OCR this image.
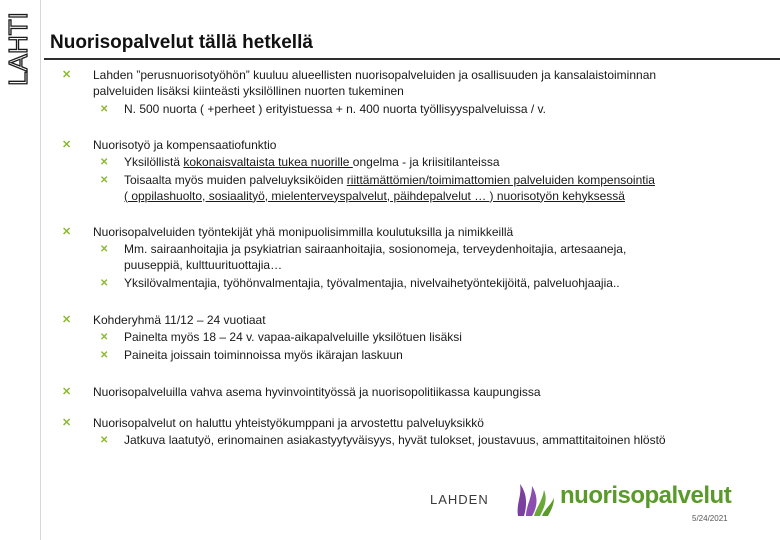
LAHTI Nuorisopalvelut tällä hetkellä
✕ Lahden ”perusnuorisotyöhön” kuuluu alueellisten nuorisopalveluiden ja osallisuuden ja kansalaistoiminnan
palveluiden lisäksi kiinteästi yksilöllinen nuorten tukeminen
✕ N. 500 nuorta ( +perheet ) erityistuessa + n. 400 nuorta työllisyyspalveluissa / v.
✕ Nuorisotyö ja kompensaatiofunktio
✕ Yksilöllistä kokonaisvaltaista tukea nuorille ongelma - ja kriisitilanteissa
✕ Toisaalta myös muiden palveluyksiköiden riittämättömien/toimimattomien palveluiden kompensointia
( oppilashuolto, sosiaalityö, mielenterveyspalvelut, päihdepalvelut … ) nuorisotyön kehyksessä
✕ Nuorisopalveluiden työntekijät yhä monipuolisimmilla koulutuksilla ja nimikkeillä
✕ Mm. sairaanhoitajia ja psykiatrian sairaanhoitajia, sosionomeja, terveydenhoitajia, artesaaneja,
puuseppiä, kulttuurituottajia…
✕ Yksilövalmentajia, työhönvalmentajia, työvalmentajia, nivelvaihetyöntekijöitä, palveluohjaajia..
✕ Kohderyhmä 11/12 – 24 vuotiaat
✕ Painelta myös 18 – 24 v. vapaa-aikapalveluille yksilötuen lisäksi
✕ Paineita joissain toiminnoissa myös ikärajan laskuun
✕ Nuorisopalveluilla vahva asema hyvinvointityössä ja nuorisopolitiikassa kaupungissa
✕ Nuorisopalvelut on haluttu yhteistyökumppani ja arvostettu palveluyksikkö
✕ Jatkuva laatutyö, erinomainen asiakastyytyväisyys, hyvät tulokset, joustavuus, ammattitaitoinen hlöstö
LAHDEN	nuorisopalvelut
5/24/2021
